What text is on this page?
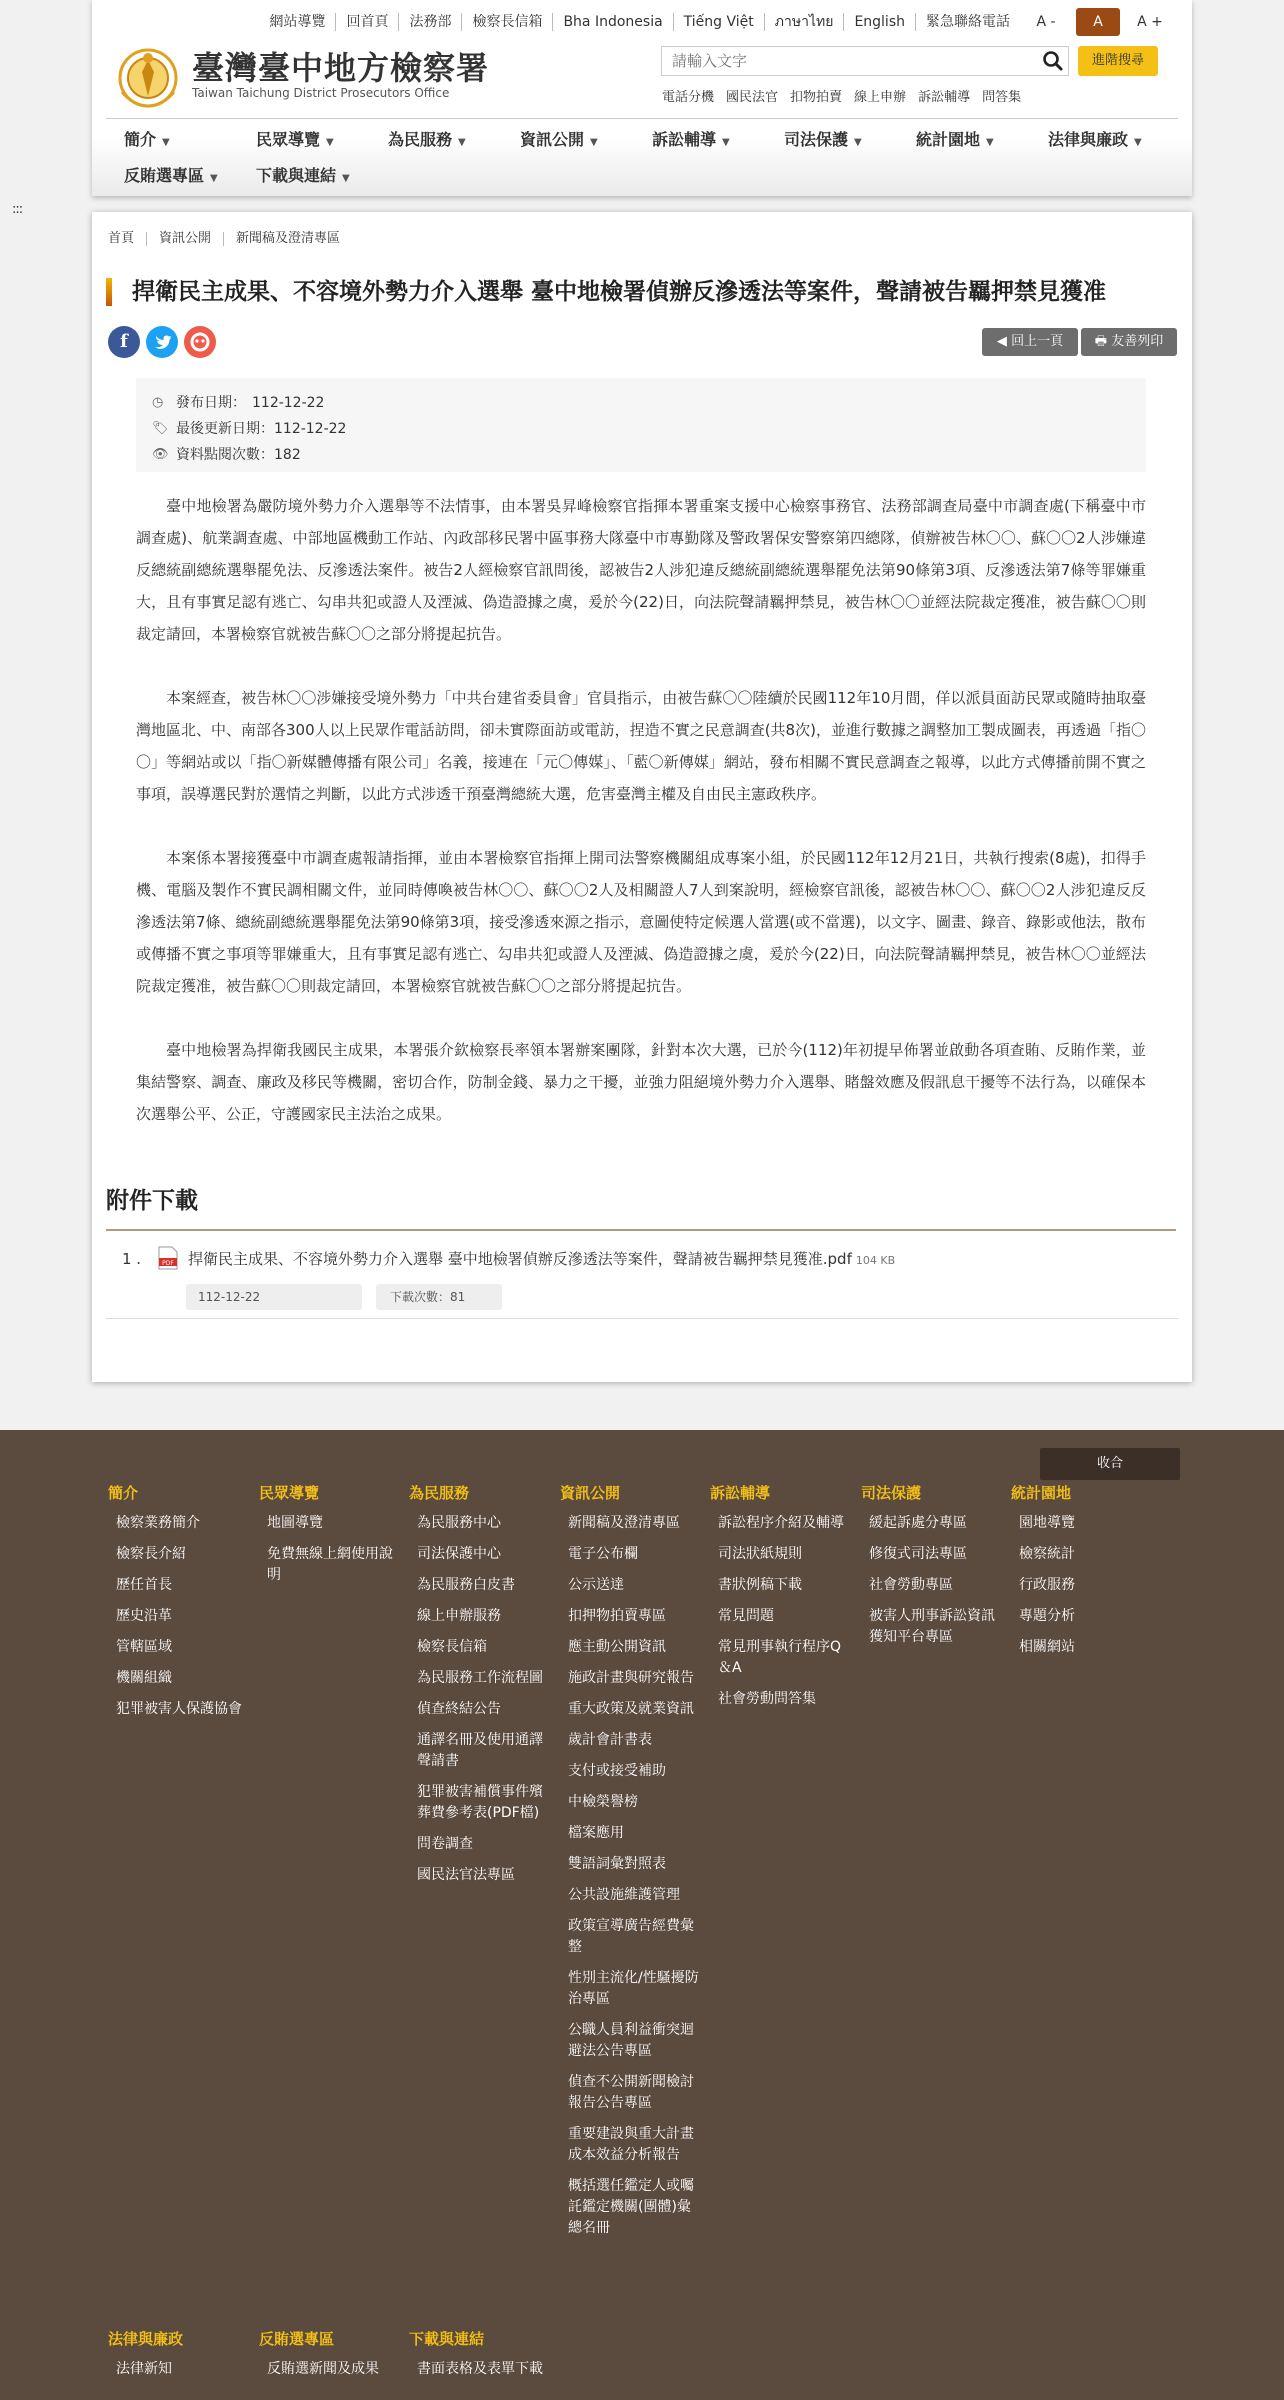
:::
網站導覽	回首頁	法務部	檢察長信箱	Bha Indonesia	Tiếng Việt	ภาษาไทย	English	緊急聯絡電話	A -	A	A +
臺灣臺中地方檢察署
Taiwan Taichung District Prosecutors Office
請輸入文字
進階搜尋
電話分機 國民法官 扣物拍賣 線上申辦 訴訟輔導 問答集
簡介 ▼	民眾導覽 ▼	為民服務 ▼	資訊公開 ▼	訴訟輔導 ▼	司法保護 ▼	統計園地 ▼	法律與廉政 ▼
反賄選專區 ▼	下載與連結 ▼
首頁	資訊公開	新聞稿及澄清專區
捍衛民主成果、不容境外勢力介入選舉 臺中地檢署偵辦反滲透法等案件，聲請被告羈押禁見獲准
f	◀ 回上一頁	🖶 友善列印
◷ 發布日期： 112-12-22
🏷 最後更新日期： 112-12-22
👁 資料點閱次數： 182

臺中地檢署為嚴防境外勢力介入選舉等不法情事，由本署吳昇峰檢察官指揮本署重案支援中心檢察事務官、法務部調查局臺中市調查處(下稱臺中市調查處)、航業調查處、中部地區機動工作站、內政部移民署中區事務大隊臺中市專勤隊及警政署保安警察第四總隊，偵辦被告林〇〇、蘇〇〇2人涉嫌違反總統副總統選舉罷免法、反滲透法案件。被告2人經檢察官訊問後，認被告2人涉犯違反總統副總統選舉罷免法第90條第3項、反滲透法第7條等罪嫌重大，且有事實足認有逃亡、勾串共犯或證人及湮滅、偽造證據之虞，爰於今(22)日，向法院聲請羈押禁見，被告林〇〇並經法院裁定獲准，被告蘇〇〇則裁定請回，本署檢察官就被告蘇〇〇之部分將提起抗告。

本案經查，被告林〇〇涉嫌接受境外勢力「中共台建省委員會」官員指示，由被告蘇〇〇陸續於民國112年10月間，佯以派員面訪民眾或隨時抽取臺灣地區北、中、南部各300人以上民眾作電話訪問，卻未實際面訪或電訪，捏造不實之民意調查(共8次)，並進行數據之調整加工製成圖表，再透過「指〇〇」等網站或以「指〇新媒體傳播有限公司」名義，接連在「元〇傳媒」、「藍〇新傳媒」網站，發布相關不實民意調查之報導，以此方式傳播前開不實之事項，誤導選民對於選情之判斷，以此方式涉透干預臺灣總統大選，危害臺灣主權及自由民主憲政秩序。

本案係本署接獲臺中市調查處報請指揮，並由本署檢察官指揮上開司法警察機關組成專案小組，於民國112年12月21日，共執行搜索(8處)，扣得手機、電腦及製作不實民調相關文件，並同時傳喚被告林〇〇、蘇〇〇2人及相關證人7人到案說明，經檢察官訊後，認被告林〇〇、蘇〇〇2人涉犯違反反滲透法第7條、總統副總統選舉罷免法第90條第3項，接受滲透來源之指示，意圖使特定候選人當選(或不當選)，以文字、圖畫、錄音、錄影或他法，散布或傳播不實之事項等罪嫌重大，且有事實足認有逃亡、勾串共犯或證人及湮滅、偽造證據之虞，爰於今(22)日，向法院聲請羈押禁見，被告林〇〇並經法院裁定獲准，被告蘇〇〇則裁定請回，本署檢察官就被告蘇〇〇之部分將提起抗告。

臺中地檢署為捍衛我國民主成果，本署張介欽檢察長率領本署辦案團隊，針對本次大選，已於今(112)年初提早佈署並啟動各項查賄、反賄作業，並集結警察、調查、廉政及移民等機關，密切合作，防制金錢、暴力之干擾，並強力阻絕境外勢力介入選舉、賭盤效應及假訊息干擾等不法行為，以確保本次選舉公平、公正，守護國家民主法治之成果。

附件下載
1 .	PDF 捍衛民主成果、不容境外勢力介入選舉 臺中地檢署偵辦反滲透法等案件，聲請被告羈押禁見獲准.pdf 104 KB
112-12-22	下載次數：81
收合
簡介
檢察業務簡介
檢察長介紹
歷任首長
歷史沿革
管轄區域
機關組織
犯罪被害人保護協會
民眾導覽
地圖導覽
免費無線上網使用說明
為民服務
為民服務中心
司法保護中心
為民服務白皮書
線上申辦服務
檢察長信箱
為民服務工作流程圖
偵查終結公告
通譯名冊及使用通譯聲請書
犯罪被害補償事件殯葬費參考表(PDF檔)
問卷調查
國民法官法專區
資訊公開
新聞稿及澄清專區
電子公布欄
公示送達
扣押物拍賣專區
應主動公開資訊
施政計畫與研究報告
重大政策及就業資訊
歲計會計書表
支付或接受補助
中檢榮譽榜
檔案應用
雙語詞彙對照表
公共設施維護管理
政策宣導廣告經費彙整
性別主流化/性騷擾防治專區
公職人員利益衝突迴避法公告專區
偵查不公開新聞檢討報告公告專區
重要建設與重大計畫成本效益分析報告
概括選任鑑定人或囑託鑑定機關(團體)彙總名冊
訴訟輔導
訴訟程序介紹及輔導
司法狀紙規則
書狀例稿下載
常見問題
常見刑事執行程序Q＆A
社會勞動問答集
司法保護
緩起訴處分專區
修復式司法專區
社會勞動專區
被害人刑事訴訟資訊獲知平台專區
統計園地
園地導覽
檢察統計
行政服務
專題分析
相關網站
法律與廉政
法律新知
反賄選專區
反賄選新聞及成果
下載與連結
書面表格及表單下載
